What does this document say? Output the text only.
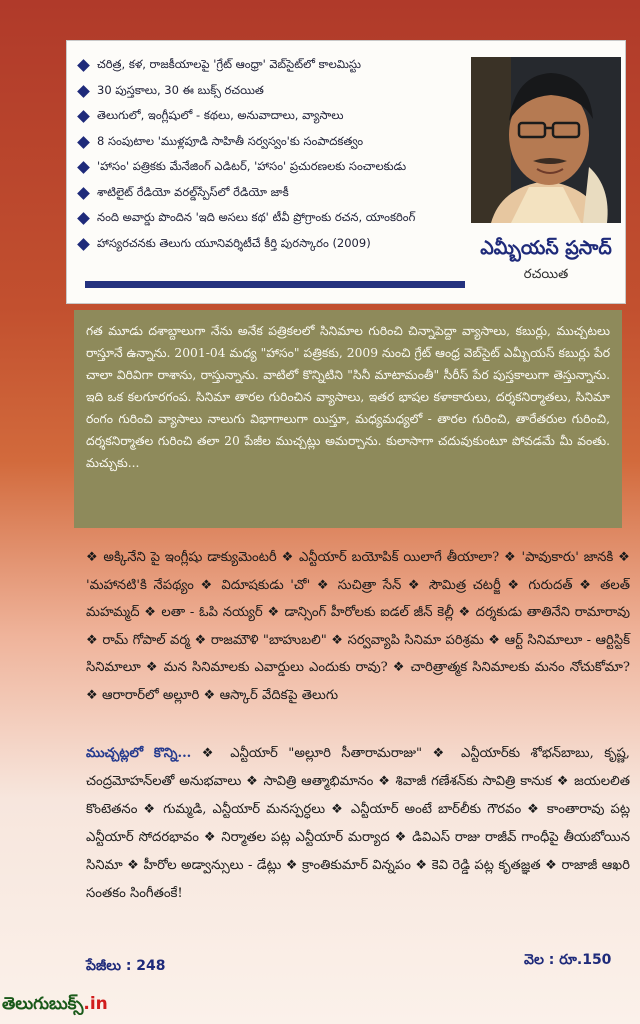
చరిత్ర, కళ, రాజకీయాలపై 'గ్రేట్ ఆంధ్రా' వెబ్‌సైట్‌లో కాలమిస్టు
30 పుస్తకాలు, 30 ఈ బుక్స్ రచయిత
తెలుగులో, ఇంగ్లీషులో - కథలు, అనువాదాలు, వ్యాసాలు
8 సంపుటాల 'ముళ్లపూడి సాహితీ సర్వస్వం'కు సంపాదకత్వం
'హాసం' పత్రికకు మేనేజింగ్ ఎడిటర్, 'హాసం' ప్రచురణలకు సంచాలకుడు
శాటిలైట్ రేడియో వరల్డ్‌స్పేస్‌లో రేడియో జాకీ
నంది అవార్డు పొందిన 'ఇది అసలు కథ' టీవీ ప్రోగ్రాంకు రచన, యాంకరింగ్
హాస్యరచనకు తెలుగు యూనివర్శిటీచే కీర్తి పురస్కారం (2009)	ఎమ్బీయస్ ప్రసాద్
రచయిత

గత మూడు దశాబ్దాలుగా నేను అనేక పత్రికలలో సినిమాల గురించి చిన్నాపెద్దా వ్యాసాలు, కబుర్లు, ముచ్చటలు రాస్తూనే ఉన్నాను. 2001-04 మధ్య "హాసం" పత్రికకు, 2009 నుంచి గ్రేట్ ఆంధ్ర వెబ్‌సైట్ ఎమ్బీయస్ కబుర్లు పేర చాలా విరివిగా రాశాను, రాస్తున్నాను. వాటిలో కొన్నిటిని "సినీ మాటామంతీ" సీరీస్ పేర పుస్తకాలుగా తెస్తున్నాను. ఇది ఒక కలగూరగంప. సినిమా తారల గురించిన వ్యాసాలు, ఇతర భాషల కళాకారులు, దర్శకనిర్మాతలు, సినిమా రంగం గురించి వ్యాసాలు నాలుగు విభాగాలుగా యిస్తూ, మధ్యమధ్యలో - తారల గురించి, తారేతరుల గురించి, దర్శకనిర్మాతల గురించి తలా 20 పేజీల ముచ్చట్లు అమర్చాను. కులాసాగా చదువుకుంటూ పోవడమే మీ వంతు. మచ్చుకు...

❖ అక్కినేని పై ఇంగ్లీషు డాక్యుమెంటరీ ❖ ఎన్టీయార్ బయోపిక్ యిలాగే తీయాలా? ❖ 'పావుకారు' జానకి ❖ 'మహానటి'కి నేపథ్యం ❖ విదూషకుడు 'చో' ❖ సుచిత్రా సేన్ ❖ సౌమిత్ర చటర్జీ ❖ గురుదత్ ❖ తలత్ మహమ్మద్ ❖ లతా - ఓపి నయ్యర్ ❖ డాన్సింగ్ హీరోలకు ఐడల్ జీన్ కెల్లీ ❖ దర్శకుడు తాతినేని రామారావు ❖ రామ్ గోపాల్ వర్మ ❖ రాజమౌళి "బాహుబలి" ❖ సర్వవ్యాపి సినిమా పరిశ్రమ ❖ ఆర్ట్ సినిమాలూ - ఆర్టిస్టిక్ సినిమాలూ ❖ మన సినిమాలకు ఎవార్డులు ఎందుకు రావు? ❖ చారిత్రాత్మక సినిమాలకు మనం నోచుకోమా? ❖ ఆరారార్‌లో అల్లూరి ❖ ఆస్కార్ వేదికపై తెలుగు

ముచ్చట్లలో కొన్ని... ❖ ఎన్టీయార్ "అల్లూరి సీతారామరాజు" ❖ ఎన్టీయార్‌కు శోభన్‌బాబు, కృష్ణ, చంద్రమోహన్‌లతో అనుభవాలు ❖ సావిత్రి ఆత్మాభిమానం ❖ శివాజీ గణేశన్‌కు సావిత్రి కానుక ❖ జయలలిత కొంటెతనం ❖ గుమ్మడి, ఎన్టీయార్ మనస్పర్ధలు ❖ ఎన్టీయార్ అంటే బార్‌లీకు గౌరవం ❖ కాంతారావు పట్ల ఎన్టీయార్ సోదరభావం ❖ నిర్మాతల పట్ల ఎన్టీయార్ మర్యాద ❖ డివిఎస్ రాజు రాజీవ్ గాంధీపై తీయబోయిన సినిమా ❖ హీరోల అడ్వాన్సులు - డేట్లు ❖ క్రాంతికుమార్ విన్నపం ❖ కెవి రెడ్డి పట్ల కృతజ్ఞత ❖ రాజాజీ ఆఖరి సంతకం సింగీతంకే!

పేజీలు : 248	వెల : రూ.150
తెలుగుబుక్స్.in
